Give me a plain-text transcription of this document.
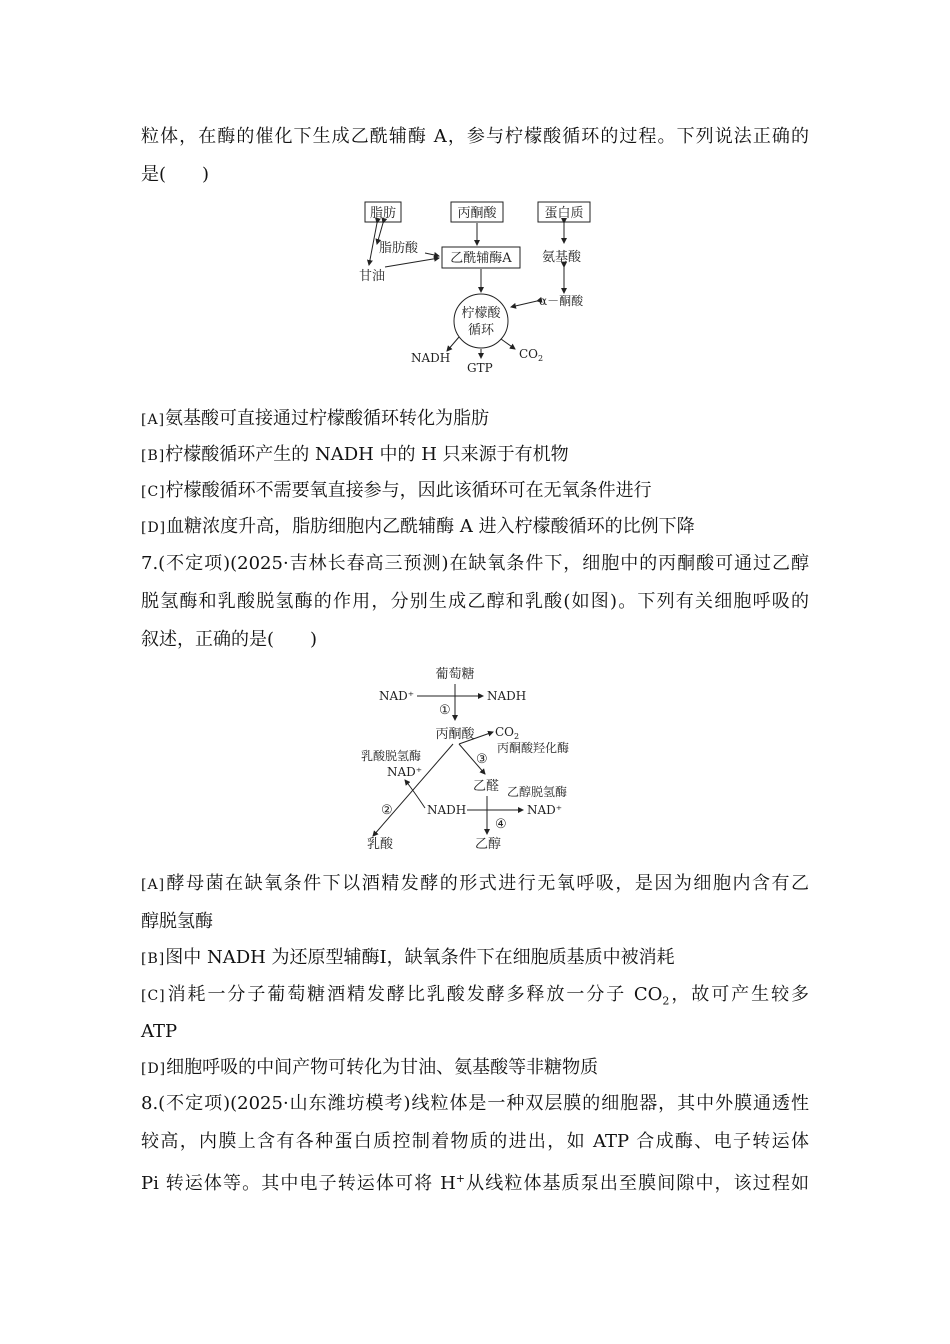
粒体，在酶的催化下生成乙酰辅酶 A，参与柠檬酸循环的过程。下列说法正确的
是(　　)
脂肪	丙酮酸	蛋白质
脂肪酸
乙酰辅酶A 氨基酸
甘油
柠檬酸
循环
α－酮酸
NADH
GTP
$CO_2$
[A]氨基酸可直接通过柠檬酸循环转化为脂肪
[B]柠檬酸循环产生的 NADH 中的 H 只来源于有机物
[C]柠檬酸循环不需要氧直接参与，因此该循环可在无氧条件进行
[D]血糖浓度升高，脂肪细胞内乙酰辅酶 A 进入柠檬酸循环的比例下降
7.(不定项)(2025·吉林长春高三预测)在缺氧条件下，细胞中的丙酮酸可通过乙醇
脱氢酶和乳酸脱氢酶的作用，分别生成乙醇和乳酸(如图)。下列有关细胞呼吸的
叙述，正确的是(　　)
葡萄糖
NAD⁺	NADH
①
丙酮酸 $CO_2$
③
丙酮酸羟化酶
乳酸脱氢酶
NAD⁺
乙醛 乙醇脱氢酶
②	NADH	NAD⁺
④
乳酸	乙醇
[A]酵母菌在缺氧条件下以酒精发酵的形式进行无氧呼吸，是因为细胞内含有乙
醇脱氢酶
[B]图中 NADH 为还原型辅酶Ⅰ，缺氧条件下在细胞质基质中被消耗
[C]消耗一分子葡萄糖酒精发酵比乳酸发酵多释放一分子 $CO_2$，故可产生较多
ATP
[D]细胞呼吸的中间产物可转化为甘油、氨基酸等非糖物质
8.(不定项)(2025·山东潍坊模考)线粒体是一种双层膜的细胞器，其中外膜通透性
较高，内膜上含有各种蛋白质控制着物质的进出，如 ATP 合成酶、电子转运体
Pi 转运体等。其中电子转运体可将 H+从线粒体基质泵出至膜间隙中，该过程如
